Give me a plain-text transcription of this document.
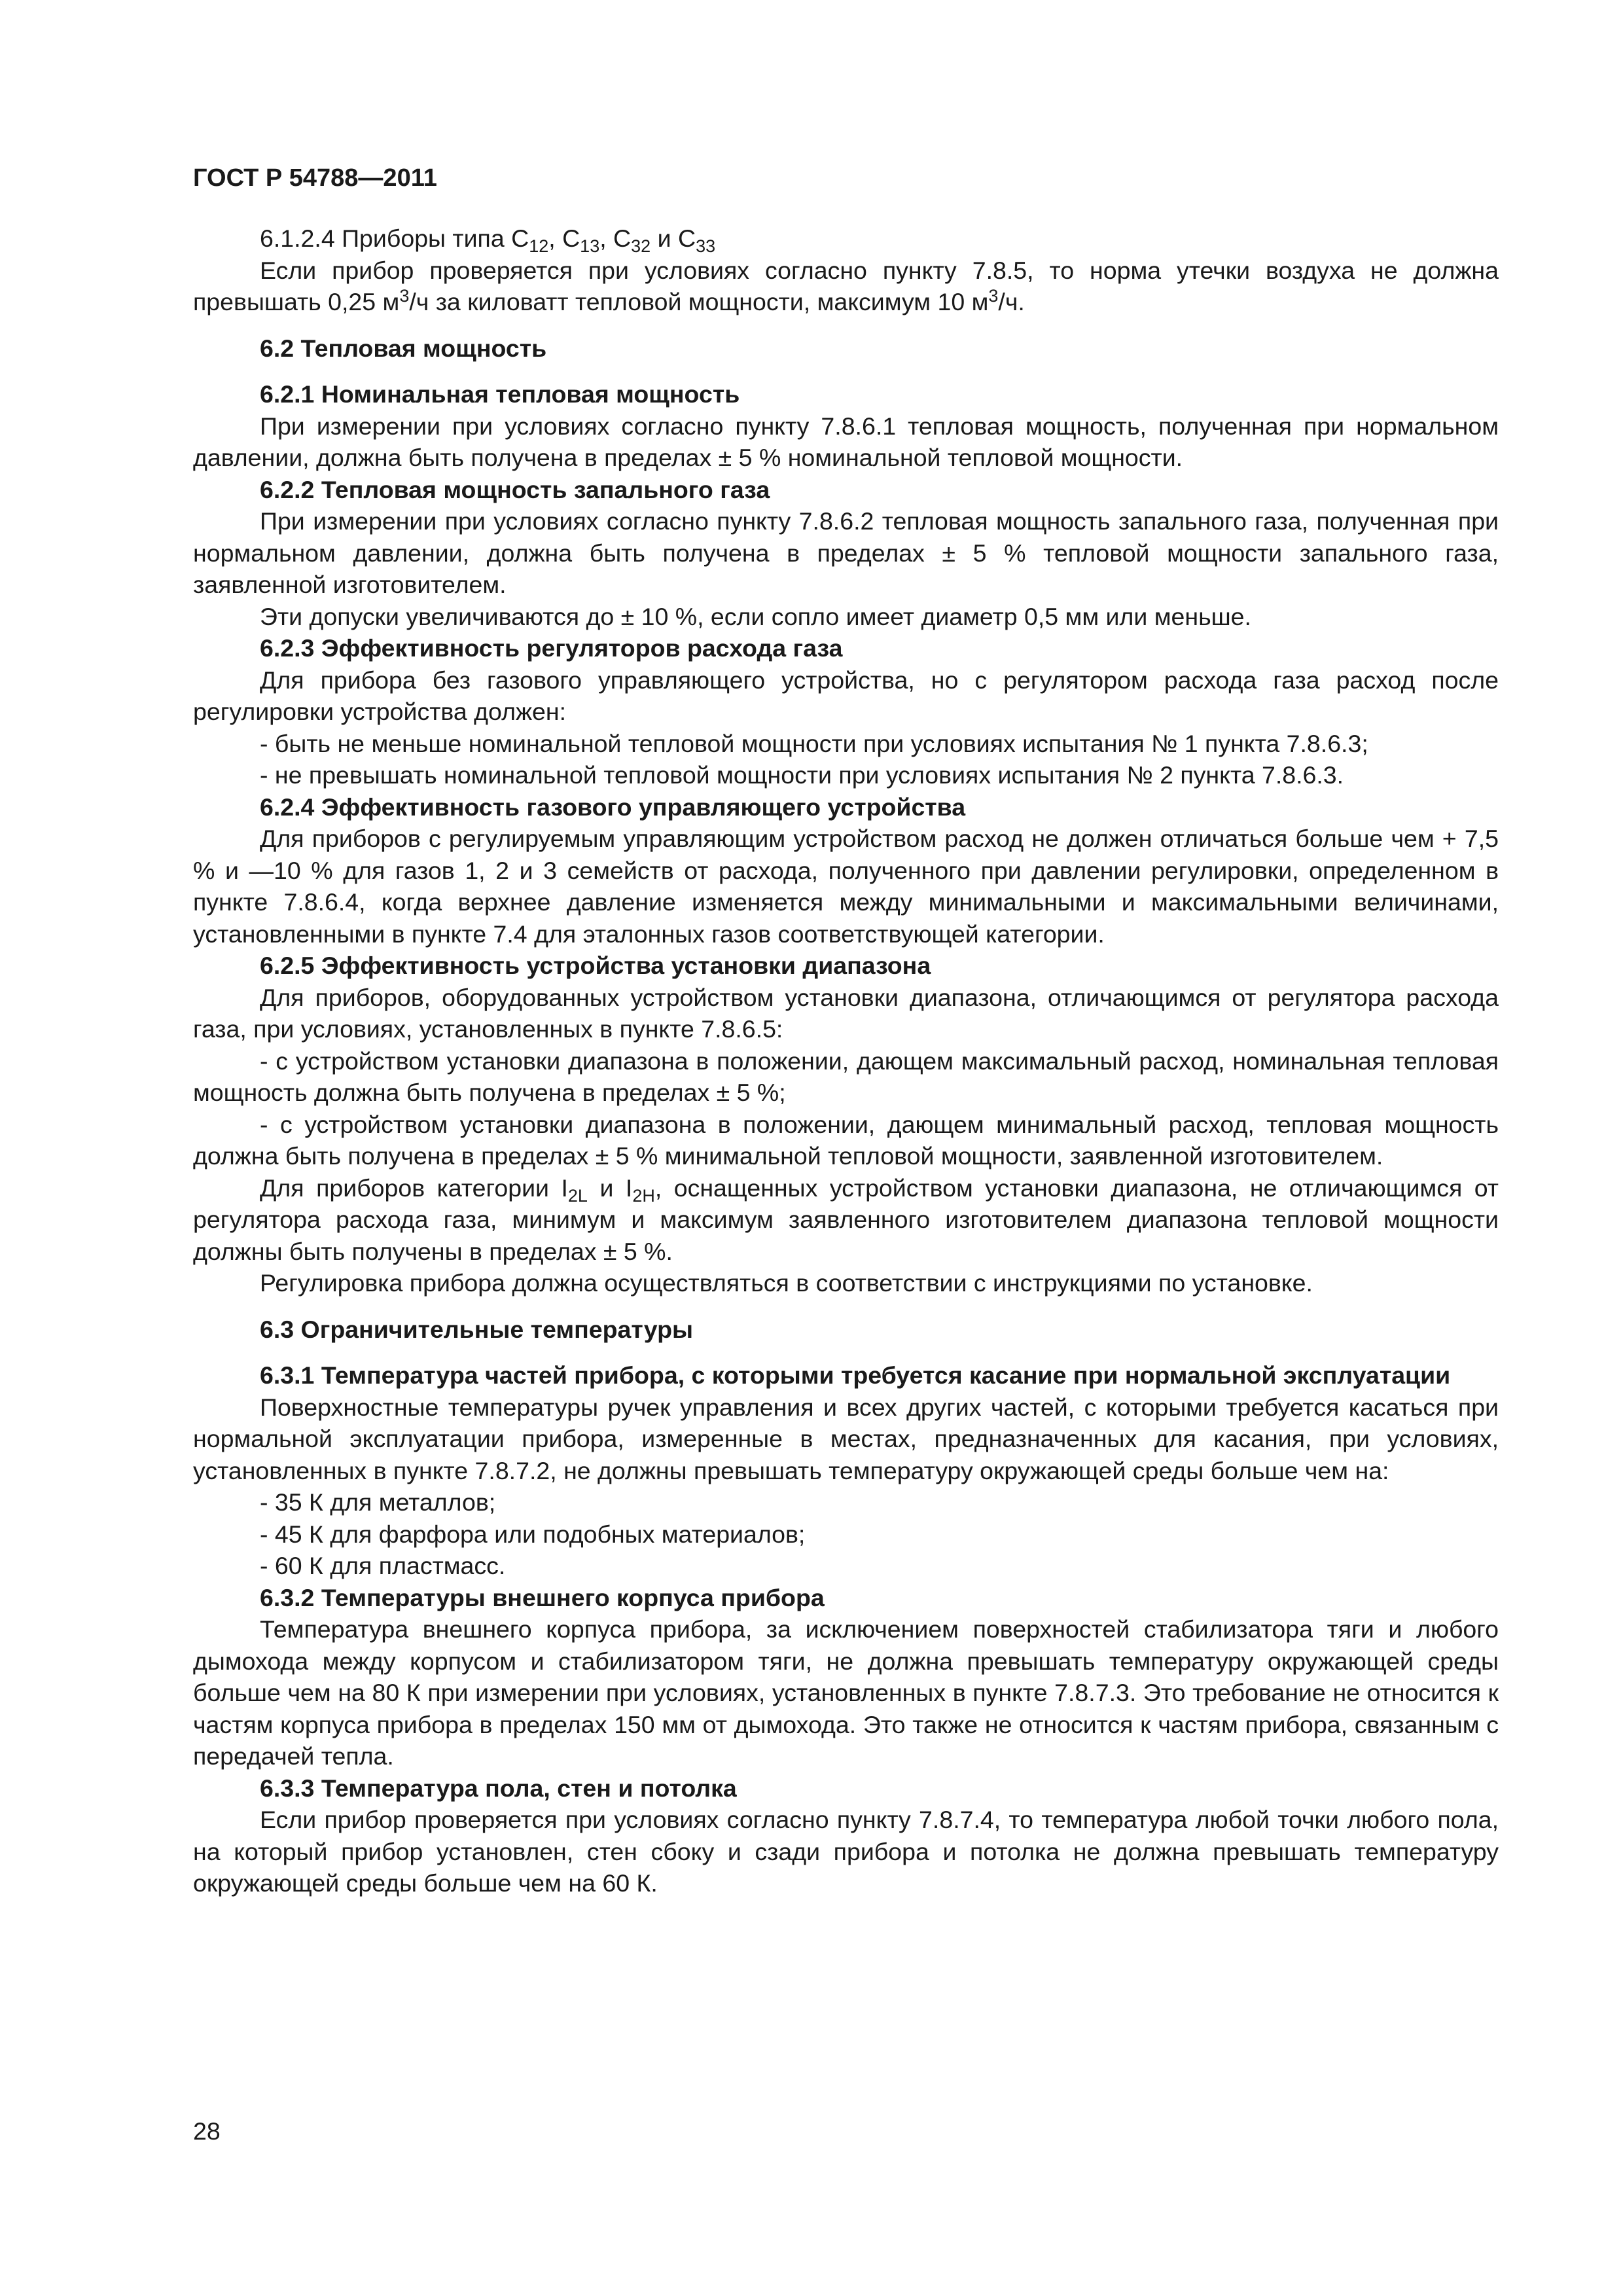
ГОСТ Р 54788—2011

6.1.2.4 Приборы типа $C_{12}$, $C_{13}$, $C_{32}$ и $C_{33}$

Если прибор проверяется при условиях согласно пункту 7.8.5, то норма утечки воздуха не должна превышать 0,25 $м^3/ч$ за киловатт тепловой мощности, максимум 10 $м^3/ч$.

6.2 Тепловая мощность
6.2.1 Номинальная тепловая мощность

При измерении при условиях согласно пункту 7.8.6.1 тепловая мощность, полученная при нормальном давлении, должна быть получена в пределах ± 5 % номинальной тепловой мощности.

6.2.2 Тепловая мощность запального газа

При измерении при условиях согласно пункту 7.8.6.2 тепловая мощность запального газа, полученная при нормальном давлении, должна быть получена в пределах ± 5 % тепловой мощности запального газа, заявленной изготовителем.

Эти допуски увеличиваются до ± 10 %, если сопло имеет диаметр 0,5 мм или меньше.

6.2.3 Эффективность регуляторов расхода газа

Для прибора без газового управляющего устройства, но с регулятором расхода газа расход после регулировки устройства должен:

- быть не меньше номинальной тепловой мощности при условиях испытания № 1 пункта 7.8.6.3;

- не превышать номинальной тепловой мощности при условиях испытания № 2 пункта 7.8.6.3.

6.2.4 Эффективность газового управляющего устройства

Для приборов с регулируемым управляющим устройством расход не должен отличаться больше чем + 7,5 % и —10 % для газов 1, 2 и 3 семейств от расхода, полученного при давлении регулировки, определенном в пункте 7.8.6.4, когда верхнее давление изменяется между минимальными и максимальными величинами, установленными в пункте 7.4 для эталонных газов соответствующей категории.

6.2.5 Эффективность устройства установки диапазона

Для приборов, оборудованных устройством установки диапазона, отличающимся от регулятора расхода газа, при условиях, установленных в пункте 7.8.6.5:

- с устройством установки диапазона в положении, дающем максимальный расход, номинальная тепловая мощность должна быть получена в пределах ± 5 %;

- с устройством установки диапазона в положении, дающем минимальный расход, тепловая мощность должна быть получена в пределах ± 5 % минимальной тепловой мощности, заявленной изготовителем.

Для приборов категории $I_{2L}$ и $I_{2H}$, оснащенных устройством установки диапазона, не отличающимся от регулятора расхода газа, минимум и максимум заявленного изготовителем диапазона тепловой мощности должны быть получены в пределах ± 5 %.

Регулировка прибора должна осуществляться в соответствии с инструкциями по установке.

6.3 Ограничительные температуры
6.3.1 Температура частей прибора, с которыми требуется касание при нормальной эксплуатации

Поверхностные температуры ручек управления и всех других частей, с которыми требуется касаться при нормальной эксплуатации прибора, измеренные в местах, предназначенных для касания, при условиях, установленных в пункте 7.8.7.2, не должны превышать температуру окружающей среды больше чем на:

- 35 К для металлов;

- 45 К для фарфора или подобных материалов;

- 60 К для пластмасс.

6.3.2 Температуры внешнего корпуса прибора

Температура внешнего корпуса прибора, за исключением поверхностей стабилизатора тяги и любого дымохода между корпусом и стабилизатором тяги, не должна превышать температуру окружающей среды больше чем на 80 К при измерении при условиях, установленных в пункте 7.8.7.3. Это требование не относится к частям корпуса прибора в пределах 150 мм от дымохода. Это также не относится к частям прибора, связанным с передачей тепла.

6.3.3 Температура пола, стен и потолка

Если прибор проверяется при условиях согласно пункту 7.8.7.4, то температура любой точки любого пола, на который прибор установлен, стен сбоку и сзади прибора и потолка не должна превышать температуру окружающей среды больше чем на 60 К.

28
